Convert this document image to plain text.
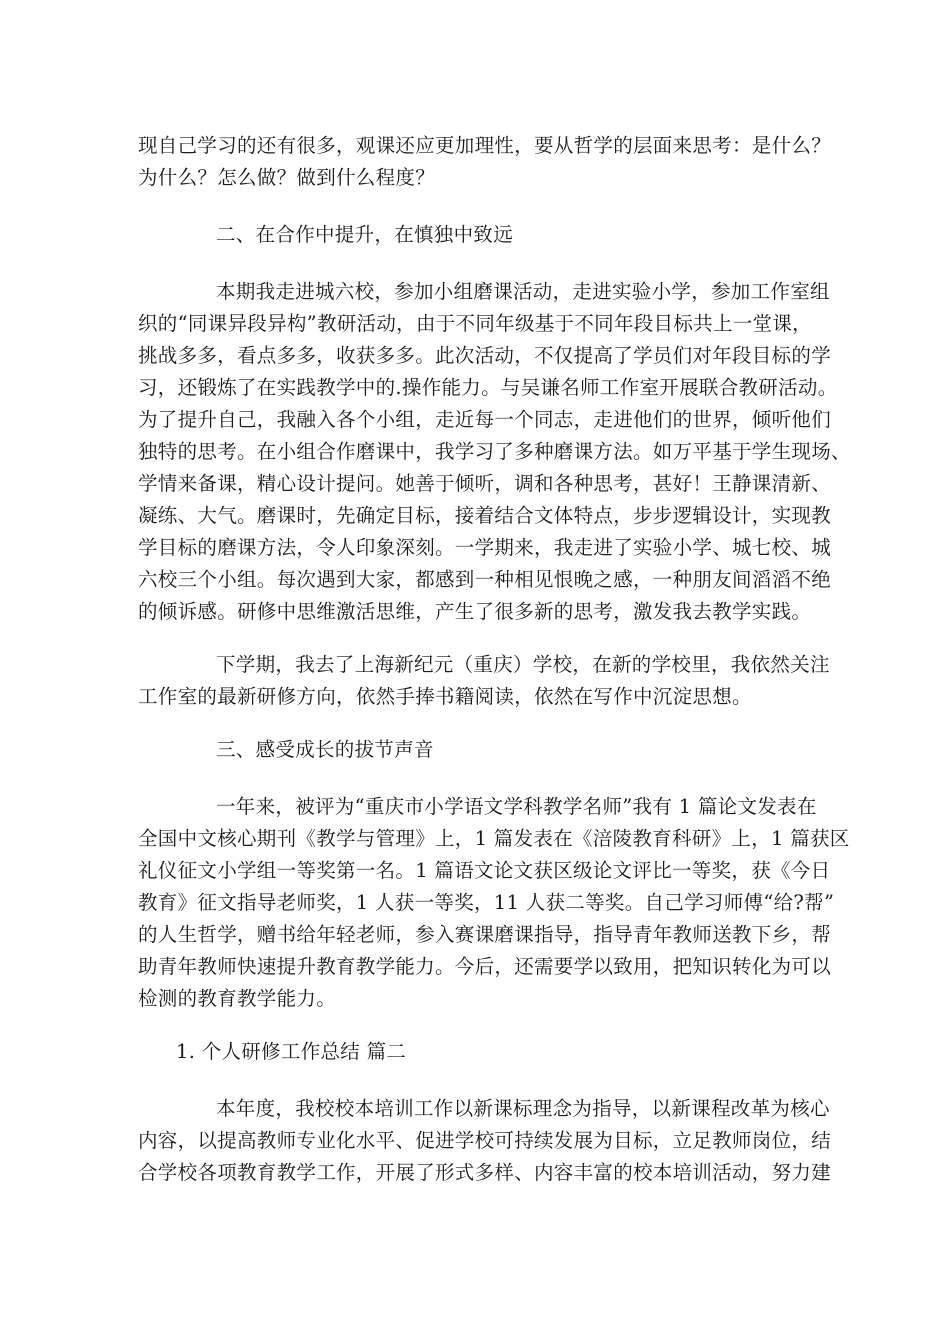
现自己学习的还有很多，观课还应更加理性，要从哲学的层面来思考：是什么？
为什么？怎么做？做到什么程度？
二、在合作中提升，在慎独中致远
本期我走进城六校，参加小组磨课活动，走进实验小学，参加工作室组
织的“同课异段异构”教研活动，由于不同年级基于不同年段目标共上一堂课，
挑战多多，看点多多，收获多多。此次活动，不仅提高了学员们对年段目标的学
习，还锻炼了在实践教学中的.操作能力。与吴谦名师工作室开展联合教研活动。
为了提升自己，我融入各个小组，走近每一个同志，走进他们的世界，倾听他们
独特的思考。在小组合作磨课中，我学习了多种磨课方法。如万平基于学生现场、
学情来备课，精心设计提问。她善于倾听，调和各种思考，甚好！王静课清新、
凝练、大气。磨课时，先确定目标，接着结合文体特点，步步逻辑设计，实现教
学目标的磨课方法，令人印象深刻。一学期来，我走进了实验小学、城七校、城
六校三个小组。每次遇到大家，都感到一种相见恨晚之感，一种朋友间滔滔不绝
的倾诉感。研修中思维激活思维，产生了很多新的思考，激发我去教学实践。
下学期，我去了上海新纪元（重庆）学校，在新的学校里，我依然关注
工作室的最新研修方向，依然手捧书籍阅读，依然在写作中沉淀思想。
三、感受成长的拔节声音
一年来，被评为“重庆市小学语文学科教学名师”我有 1 篇论文发表在
全国中文核心期刊《教学与管理》上，1 篇发表在《涪陵教育科研》上，1 篇获区
礼仪征文小学组一等奖第一名。1 篇语文论文获区级论文评比一等奖，获《今日
教育》征文指导老师奖，1 人获一等奖，11 人获二等奖。自己学习师傅“给?帮”
的人生哲学，赠书给年轻老师，参入赛课磨课指导，指导青年教师送教下乡，帮
助青年教师快速提升教育教学能力。今后，还需要学以致用，把知识转化为可以
检测的教育教学能力。
1. 个人研修工作总结 篇二
本年度，我校校本培训工作以新课标理念为指导，以新课程改革为核心
内容，以提高教师专业化水平、促进学校可持续发展为目标，立足教师岗位，结
合学校各项教育教学工作，开展了形式多样、内容丰富的校本培训活动，努力建
